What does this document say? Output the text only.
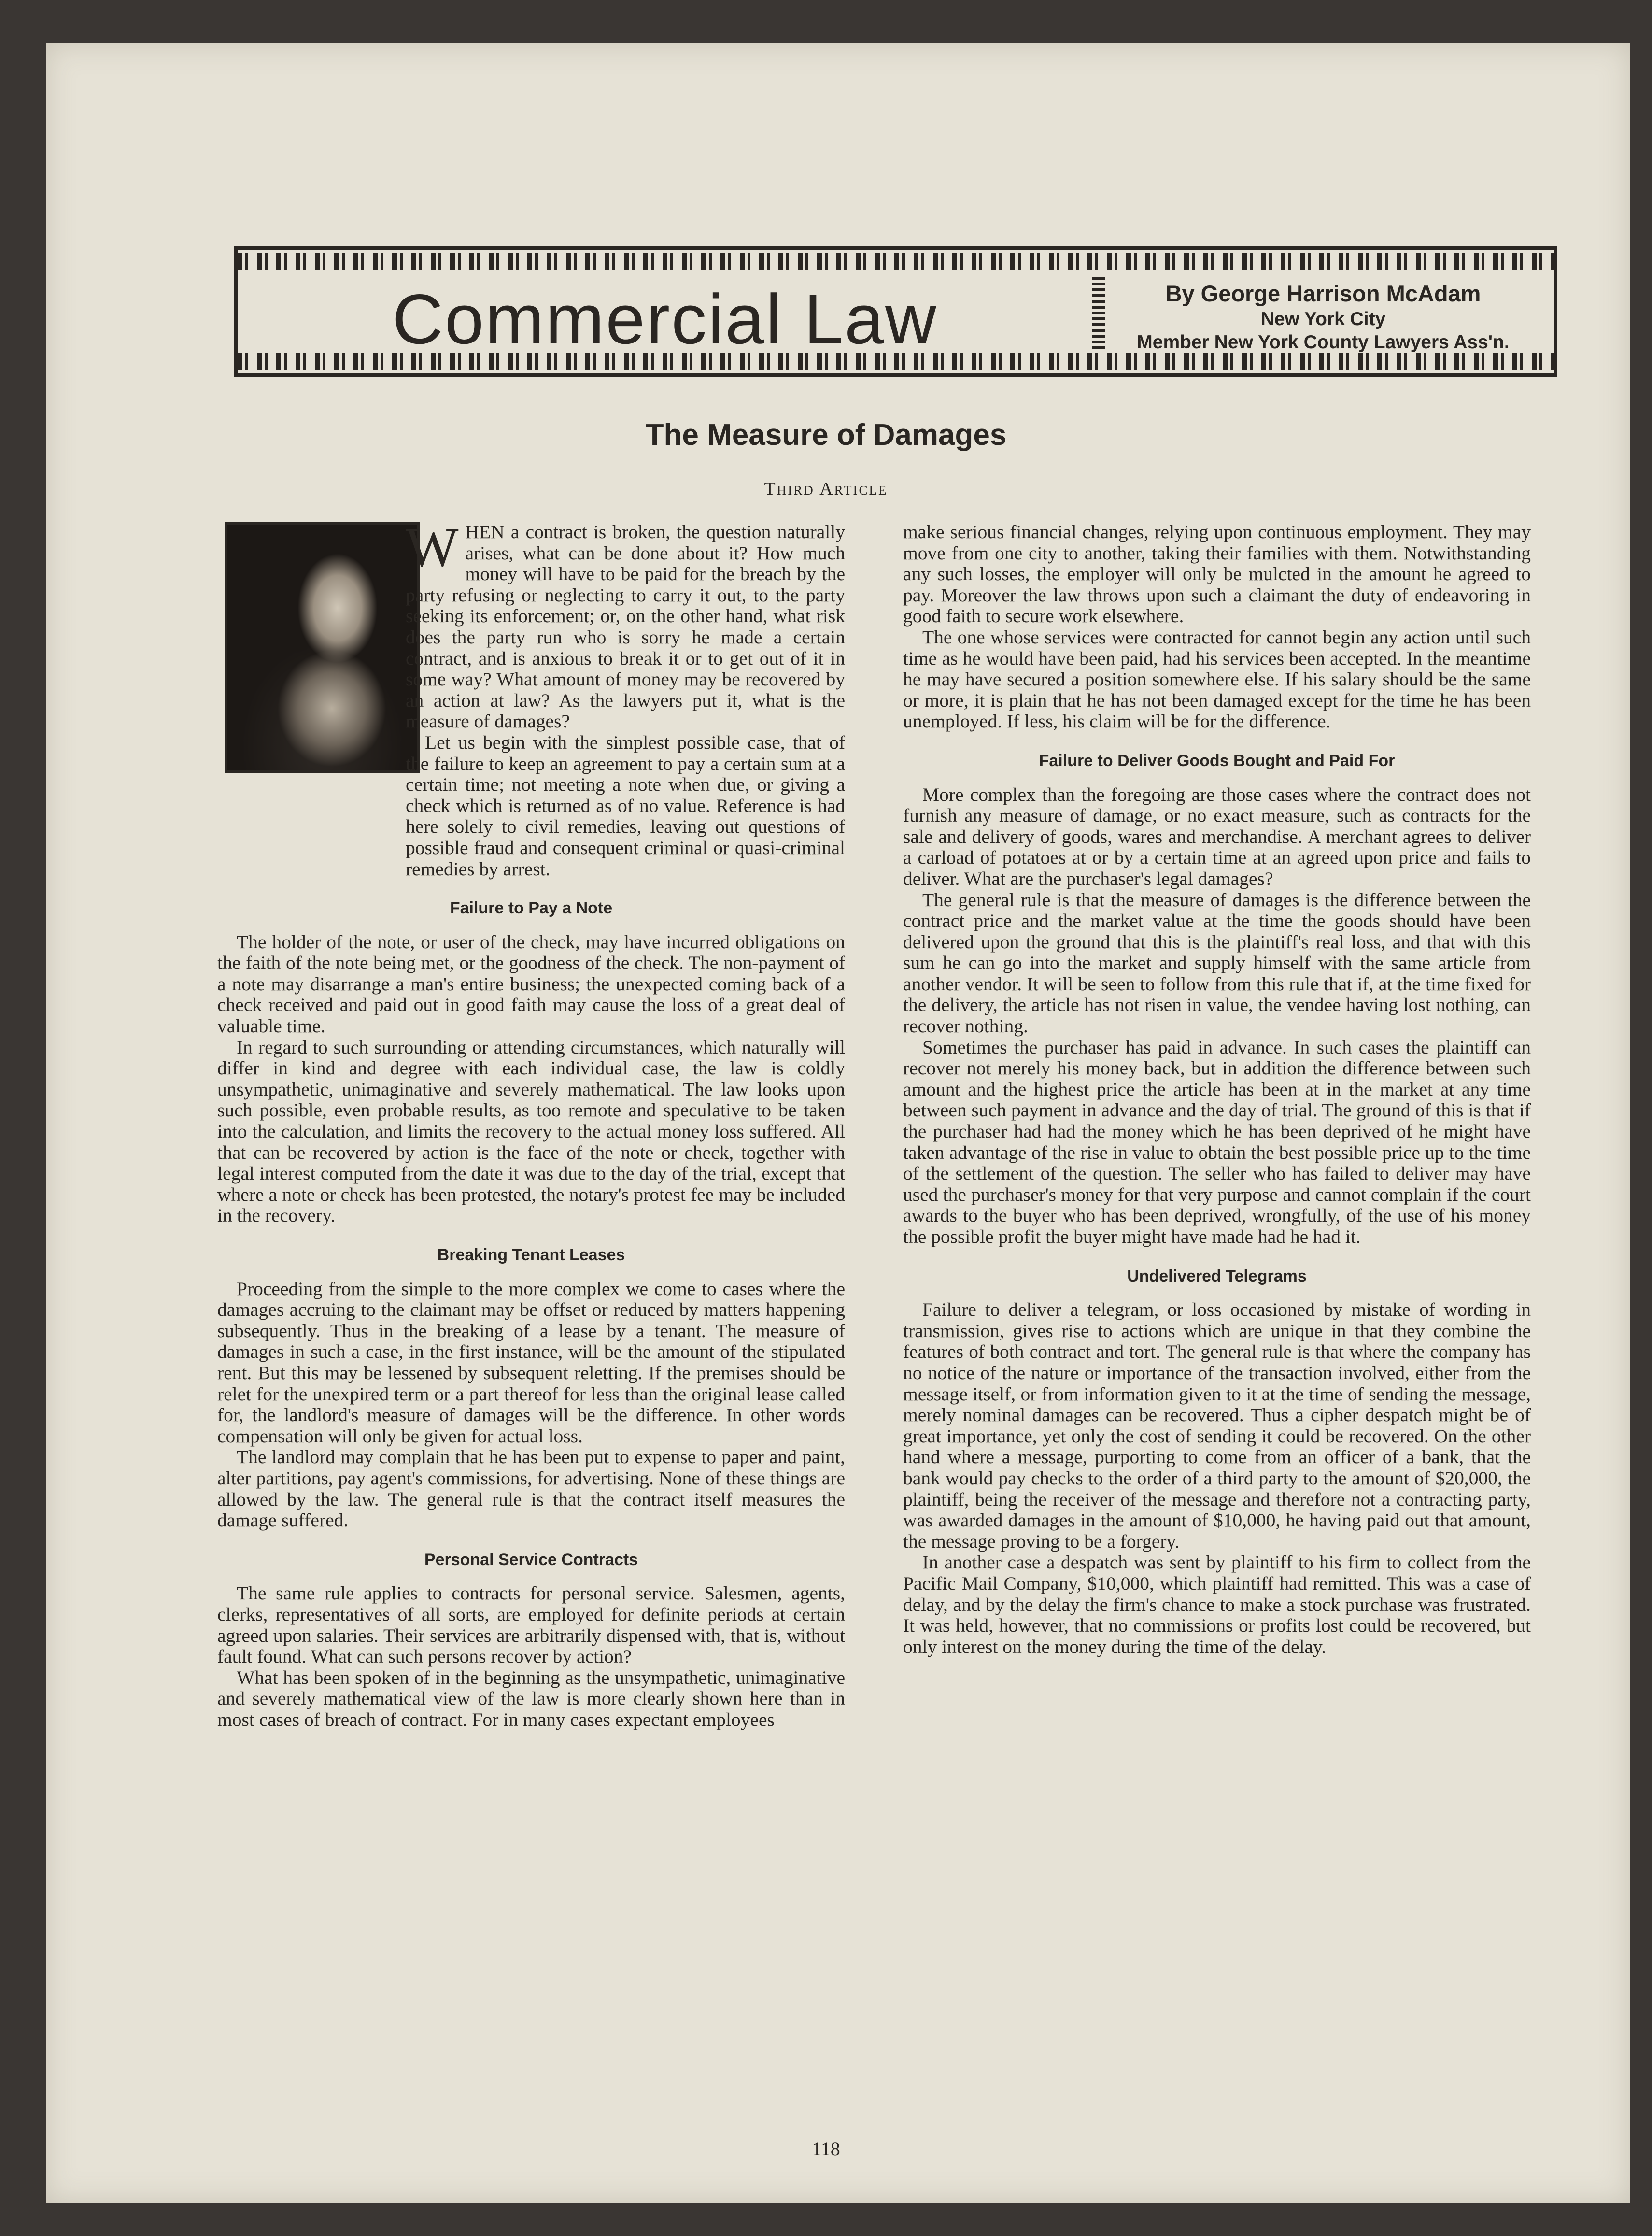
Commercial Law	By George Harrison McAdam
New York City
Member New York County Lawyers Ass'n.
The Measure of Damages
Third Article

WHEN a contract is broken, the question naturally arises, what can be done about it? How much money will have to be paid for the breach by the party refusing or neglecting to carry it out, to the party seeking its enforcement; or, on the other hand, what risk does the party run who is sorry he made a certain contract, and is anxious to break it or to get out of it in some way? What amount of money may be recovered by an action at law? As the lawyers put it, what is the measure of damages?

Let us begin with the simplest possible case, that of the failure to keep an agreement to pay a certain sum at a certain time; not meeting a note when due, or giving a check which is returned as of no value. Reference is had here solely to civil remedies, leaving out questions of possible fraud and consequent criminal or quasi-criminal remedies by arrest.

Failure to Pay a Note

The holder of the note, or user of the check, may have incurred obligations on the faith of the note being met, or the goodness of the check. The non-payment of a note may disarrange a man's entire business; the unexpected coming back of a check received and paid out in good faith may cause the loss of a great deal of valuable time.

In regard to such surrounding or attending circumstances, which naturally will differ in kind and degree with each individual case, the law is coldly unsympathetic, unimaginative and severely mathematical. The law looks upon such possible, even probable results, as too remote and speculative to be taken into the calculation, and limits the recovery to the actual money loss suffered. All that can be recovered by action is the face of the note or check, together with legal interest computed from the date it was due to the day of the trial, except that where a note or check has been protested, the notary's protest fee may be included in the recovery.

Breaking Tenant Leases

Proceeding from the simple to the more complex we come to cases where the damages accruing to the claimant may be offset or reduced by matters happening subsequently. Thus in the breaking of a lease by a tenant. The measure of damages in such a case, in the first instance, will be the amount of the stipulated rent. But this may be lessened by subsequent reletting. If the premises should be relet for the unexpired term or a part thereof for less than the original lease called for, the landlord's measure of damages will be the difference. In other words compensation will only be given for actual loss.

The landlord may complain that he has been put to expense to paper and paint, alter partitions, pay agent's commissions, for advertising. None of these things are allowed by the law. The general rule is that the contract itself measures the damage suffered.

Personal Service Contracts

The same rule applies to contracts for personal service. Salesmen, agents, clerks, representatives of all sorts, are employed for definite periods at certain agreed upon salaries. Their services are arbitrarily dispensed with, that is, without fault found. What can such persons recover by action?

What has been spoken of in the beginning as the unsympathetic, unimaginative and severely mathematical view of the law is more clearly shown here than in most cases of breach of contract. For in many cases expectant employees

make serious financial changes, relying upon continuous employment. They may move from one city to another, taking their families with them. Notwithstanding any such losses, the employer will only be mulcted in the amount he agreed to pay. Moreover the law throws upon such a claimant the duty of endeavoring in good faith to secure work elsewhere.

The one whose services were contracted for cannot begin any action until such time as he would have been paid, had his services been accepted. In the meantime he may have secured a position somewhere else. If his salary should be the same or more, it is plain that he has not been damaged except for the time he has been unemployed. If less, his claim will be for the difference.

Failure to Deliver Goods Bought and Paid For

More complex than the foregoing are those cases where the contract does not furnish any measure of damage, or no exact measure, such as contracts for the sale and delivery of goods, wares and merchandise. A merchant agrees to deliver a carload of potatoes at or by a certain time at an agreed upon price and fails to deliver. What are the purchaser's legal damages?

The general rule is that the measure of damages is the difference between the contract price and the market value at the time the goods should have been delivered upon the ground that this is the plaintiff's real loss, and that with this sum he can go into the market and supply himself with the same article from another vendor. It will be seen to follow from this rule that if, at the time fixed for the delivery, the article has not risen in value, the vendee having lost nothing, can recover nothing.

Sometimes the purchaser has paid in advance. In such cases the plaintiff can recover not merely his money back, but in addition the difference between such amount and the highest price the article has been at in the market at any time between such payment in advance and the day of trial. The ground of this is that if the purchaser had had the money which he has been deprived of he might have taken advantage of the rise in value to obtain the best possible price up to the time of the settlement of the question. The seller who has failed to deliver may have used the purchaser's money for that very purpose and cannot complain if the court awards to the buyer who has been deprived, wrongfully, of the use of his money the possible profit the buyer might have made had he had it.

Undelivered Telegrams

Failure to deliver a telegram, or loss occasioned by mistake of wording in transmission, gives rise to actions which are unique in that they combine the features of both contract and tort. The general rule is that where the company has no notice of the nature or importance of the transaction involved, either from the message itself, or from information given to it at the time of sending the message, merely nominal damages can be recovered. Thus a cipher despatch might be of great importance, yet only the cost of sending it could be recovered. On the other hand where a message, purporting to come from an officer of a bank, that the bank would pay checks to the order of a third party to the amount of $20,000, the plaintiff, being the receiver of the message and therefore not a contracting party, was awarded damages in the amount of $10,000, he having paid out that amount, the message proving to be a forgery.

In another case a despatch was sent by plaintiff to his firm to collect from the Pacific Mail Company, $10,000, which plaintiff had remitted. This was a case of delay, and by the delay the firm's chance to make a stock purchase was frustrated. It was held, however, that no commissions or profits lost could be recovered, but only interest on the money during the time of the delay.

118
